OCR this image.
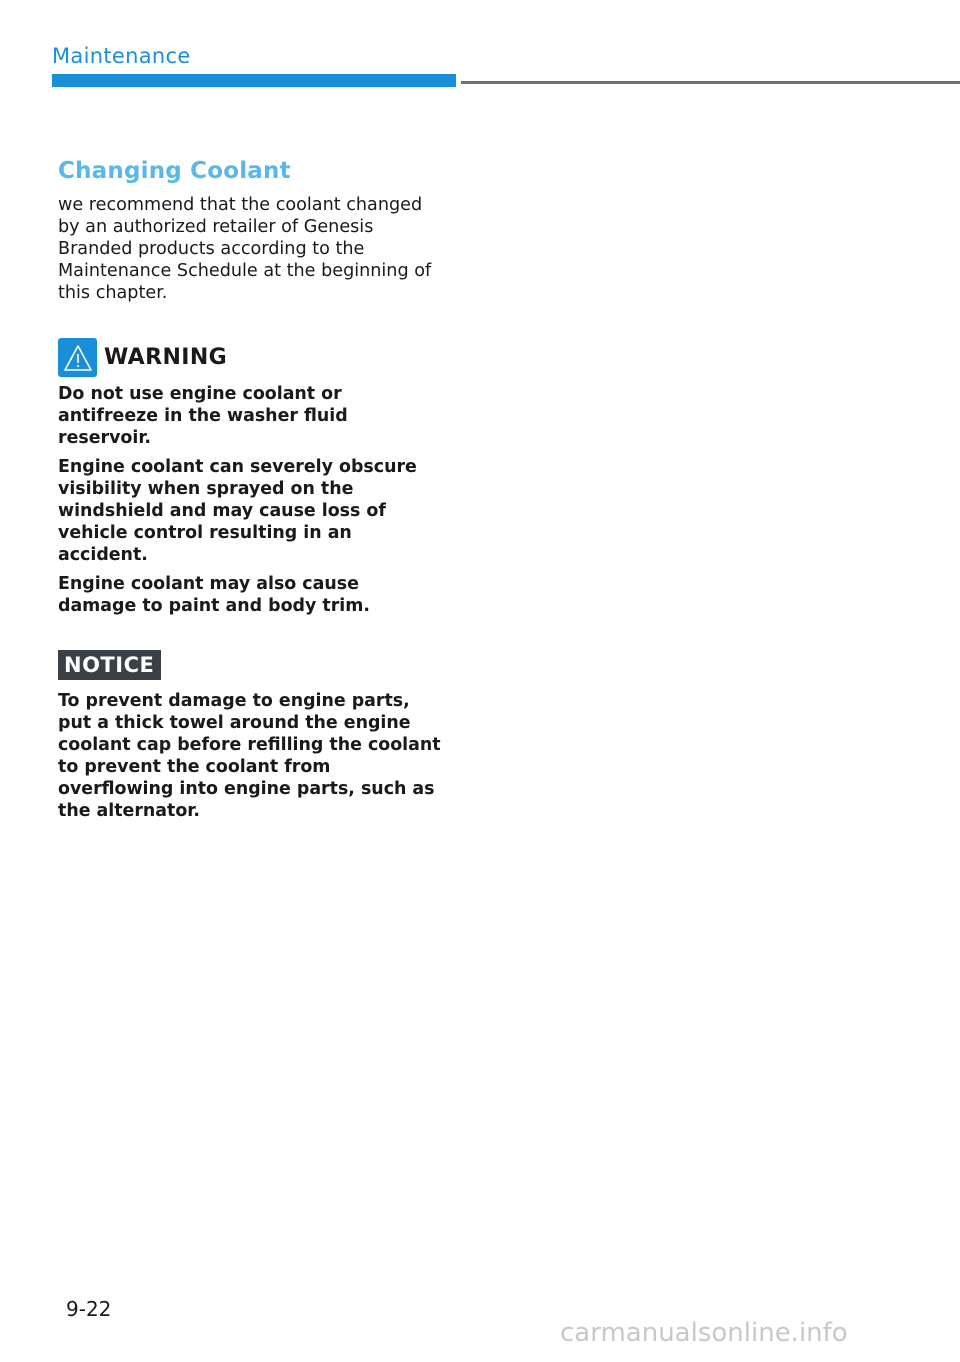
Maintenance
Changing Coolant

we recommend that the coolant changed by an authorized retailer of Genesis Branded products according to the Maintenance Schedule at the beginning of this chapter.

WARNING

Do not use engine coolant or antifreeze in the washer fluid reservoir.

Engine coolant can severely obscure visibility when sprayed on the windshield and may cause loss of vehicle control resulting in an accident.

Engine coolant may also cause damage to paint and body trim.

NOTICE

To prevent damage to engine parts, put a thick towel around the engine coolant cap before refilling the coolant to prevent the coolant from overflowing into engine parts, such as the alternator.

9-22
carmanualsonline.info
